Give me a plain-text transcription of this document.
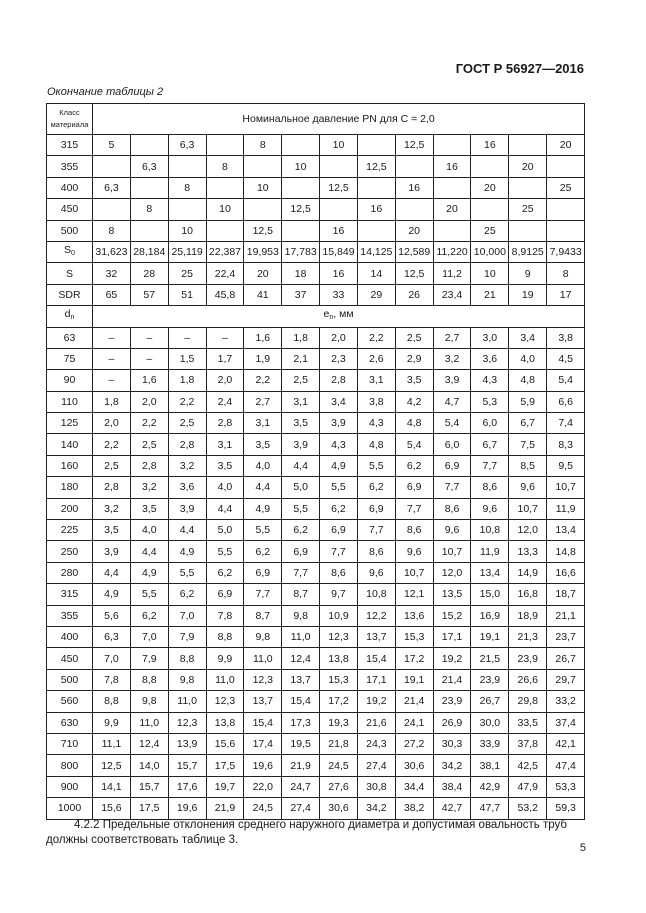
ГОСТ Р 56927—2016
Окончание таблицы 2
Класс материала	Номинальное давление PN для C = 2,0												
315	5		6,3		8		10		12,5		16		20
355		6,3		8		10		12,5		16		20	
400	6,3		8		10		12,5		16		20		25
450		8		10		12,5		16		20		25	
500	8		10		12,5		16		20		25		
$S_0$	31,623	28,184	25,119	22,387	19,953	17,783	15,849	14,125	12,589	11,220	10,000	8,9125	7,9433
S	32	28	25	22,4	20	18	16	14	12,5	11,2	10	9	8
SDR	65	57	51	45,8	41	37	33	29	26	23,4	21	19	17
$d_n$	$e_n$, мм												
63	–	–	–	–	1,6	1,8	2,0	2,2	2,5	2,7	3,0	3,4	3,8
75	–	–	1,5	1,7	1,9	2,1	2,3	2,6	2,9	3,2	3,6	4,0	4,5
90	–	1,6	1,8	2,0	2,2	2,5	2,8	3,1	3,5	3,9	4,3	4,8	5,4
110	1,8	2,0	2,2	2,4	2,7	3,1	3,4	3,8	4,2	4,7	5,3	5,9	6,6
125	2,0	2,2	2,5	2,8	3,1	3,5	3,9	4,3	4,8	5,4	6,0	6,7	7,4
140	2,2	2,5	2,8	3,1	3,5	3,9	4,3	4,8	5,4	6,0	6,7	7,5	8,3
160	2,5	2,8	3,2	3,5	4,0	4,4	4,9	5,5	6,2	6,9	7,7	8,5	9,5
180	2,8	3,2	3,6	4,0	4,4	5,0	5,5	6,2	6,9	7,7	8,6	9,6	10,7
200	3,2	3,5	3,9	4,4	4,9	5,5	6,2	6,9	7,7	8,6	9,6	10,7	11,9
225	3,5	4,0	4,4	5,0	5,5	6,2	6,9	7,7	8,6	9,6	10,8	12,0	13,4
250	3,9	4,4	4,9	5,5	6,2	6,9	7,7	8,6	9,6	10,7	11,9	13,3	14,8
280	4,4	4,9	5,5	6,2	6,9	7,7	8,6	9,6	10,7	12,0	13,4	14,9	16,6
315	4,9	5,5	6,2	6,9	7,7	8,7	9,7	10,8	12,1	13,5	15,0	16,8	18,7
355	5,6	6,2	7,0	7,8	8,7	9,8	10,9	12,2	13,6	15,2	16,9	18,9	21,1
400	6,3	7,0	7,9	8,8	9,8	11,0	12,3	13,7	15,3	17,1	19,1	21,3	23,7
450	7,0	7,9	8,8	9,9	11,0	12,4	13,8	15,4	17,2	19,2	21,5	23,9	26,7
500	7,8	8,8	9,8	11,0	12,3	13,7	15,3	17,1	19,1	21,4	23,9	26,6	29,7
560	8,8	9,8	11,0	12,3	13,7	15,4	17,2	19,2	21,4	23,9	26,7	29,8	33,2
630	9,9	11,0	12,3	13,8	15,4	17,3	19,3	21,6	24,1	26,9	30,0	33,5	37,4
710	11,1	12,4	13,9	15,6	17,4	19,5	21,8	24,3	27,2	30,3	33,9	37,8	42,1
800	12,5	14,0	15,7	17,5	19,6	21,9	24,5	27,4	30,6	34,2	38,1	42,5	47,4
900	14,1	15,7	17,6	19,7	22,0	24,7	27,6	30,8	34,4	38,4	42,9	47,9	53,3
1000	15,6	17,5	19,6	21,9	24,5	27,4	30,6	34,2	38,2	42,7	47,7	53,2	59,3
4.2.2 Предельные отклонения среднего наружного диаметра и допустимая овальность труб должны соответствовать таблице 3.
5
